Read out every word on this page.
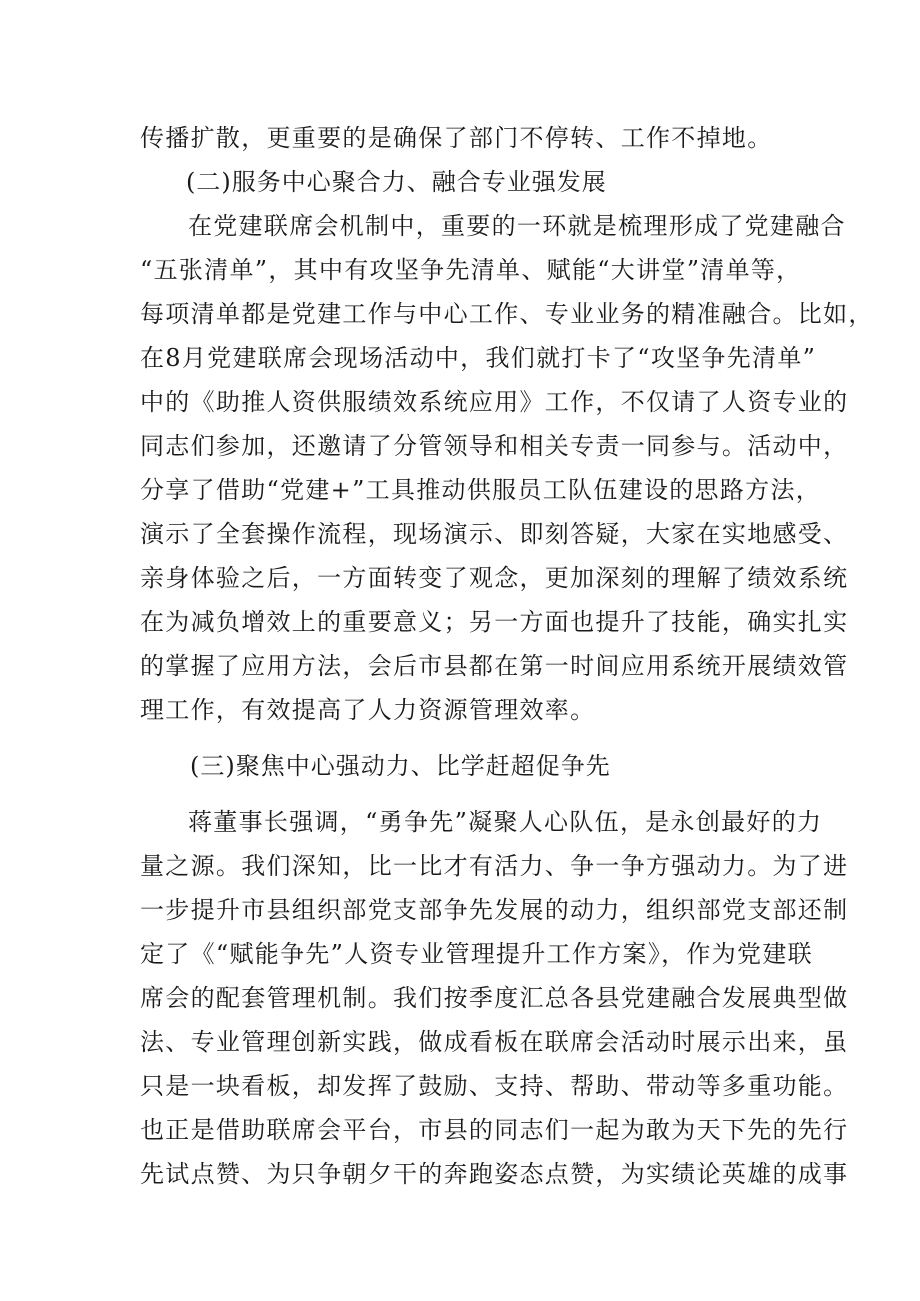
传播扩散，更重要的是确保了部门不停转、工作不掉地。
(二)服务中心聚合力、融合专业强发展
在党建联席会机制中，重要的一环就是梳理形成了党建融合
“五张清单”，其中有攻坚争先清单、赋能“大讲堂”清单等，
每项清单都是党建工作与中心工作、专业业务的精准融合。比如，
在8月党建联席会现场活动中，我们就打卡了“攻坚争先清单”
中的《助推人资供服绩效系统应用》工作，不仅请了人资专业的
同志们参加，还邀请了分管领导和相关专责一同参与。活动中，
分享了借助“党建+”工具推动供服员工队伍建设的思路方法，
演示了全套操作流程，现场演示、即刻答疑，大家在实地感受、
亲身体验之后，一方面转变了观念，更加深刻的理解了绩效系统
在为减负增效上的重要意义；另一方面也提升了技能，确实扎实
的掌握了应用方法，会后市县都在第一时间应用系统开展绩效管
理工作，有效提高了人力资源管理效率。
(三)聚焦中心强动力、比学赶超促争先
蒋董事长强调，“勇争先”凝聚人心队伍，是永创最好的力
量之源。我们深知，比一比才有活力、争一争方强动力。为了进
一步提升市县组织部党支部争先发展的动力，组织部党支部还制
定了《“赋能争先”人资专业管理提升工作方案》，作为党建联
席会的配套管理机制。我们按季度汇总各县党建融合发展典型做
法、专业管理创新实践，做成看板在联席会活动时展示出来，虽
只是一块看板，却发挥了鼓励、支持、帮助、带动等多重功能。
也正是借助联席会平台，市县的同志们一起为敢为天下先的先行
先试点赞、为只争朝夕干的奔跑姿态点赞，为实绩论英雄的成事
